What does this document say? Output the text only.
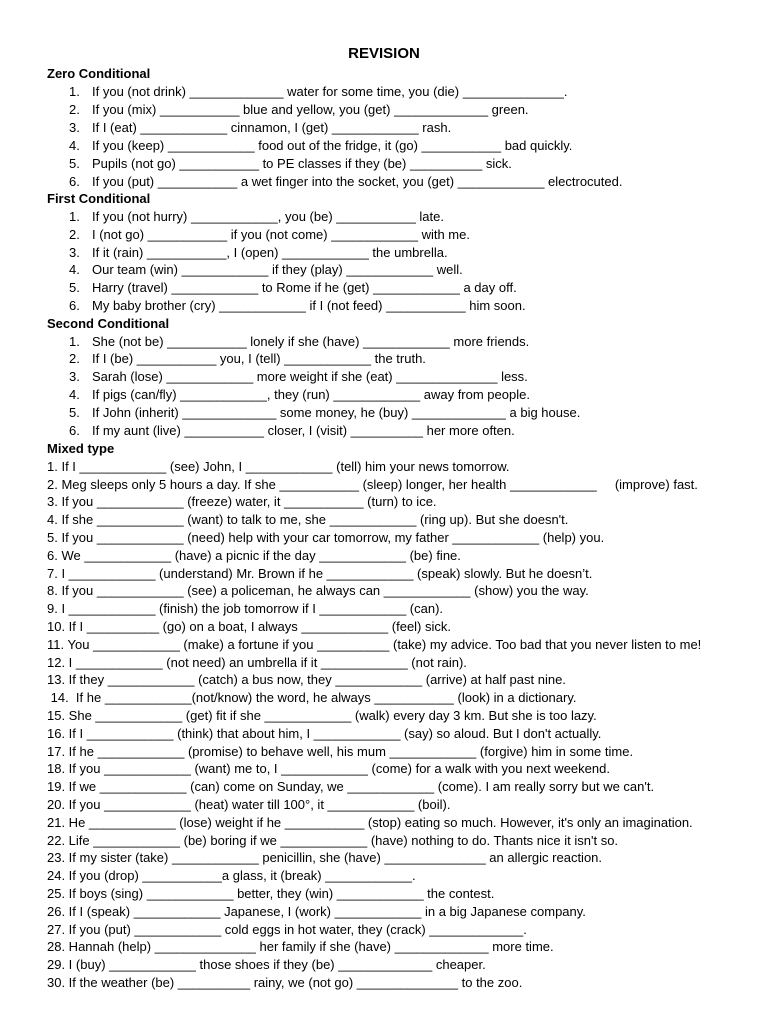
REVISION
Zero Conditional
1. If you (not drink) _____________ water for some time, you (die) ______________.
2. If you (mix) ___________ blue and yellow, you (get) _____________ green.
3. If I (eat) ____________ cinnamon, I (get) ____________ rash.
4. If you (keep) ____________ food out of the fridge, it (go) ___________ bad quickly.
5. Pupils (not go) ___________ to PE classes if they (be) __________ sick.
6. If you (put) ___________ a wet finger into the socket, you (get) ____________ electrocuted.
First Conditional
1. If you (not hurry) ____________, you (be) ___________ late.
2. I (not go) ___________ if you (not come) ____________ with me.
3. If it (rain) ___________, I (open) ____________ the umbrella.
4. Our team (win) ____________ if they (play) ____________ well.
5. Harry (travel) ____________ to Rome if he (get) ____________ a day off.
6. My baby brother (cry) ____________ if I (not feed) ___________ him soon.
Second Conditional
1. She (not be) ___________ lonely if she (have) ____________ more friends.
2. If I (be) ___________ you, I (tell) ____________ the truth.
3. Sarah (lose) ____________ more weight if she (eat) ______________ less.
4. If pigs (can/fly) ____________, they (run) ____________ away from people.
5. If John (inherit) _____________ some money, he (buy) _____________ a big house.
6. If my aunt (live) ___________ closer, I (visit) __________ her more often.
Mixed type
1. If I ____________ (see) John, I ____________ (tell) him your news tomorrow.
2. Meg sleeps only 5 hours a day. If she ___________ (sleep) longer, her health ____________     (improve) fast.
3. If you ____________ (freeze) water, it ___________ (turn) to ice.
4. If she ____________ (want) to talk to me, she ____________ (ring up). But she doesn't.
5. If you ____________ (need) help with your car tomorrow, my father ____________ (help) you.
6. We ____________ (have) a picnic if the day ____________ (be) fine.
7. I ____________ (understand) Mr. Brown if he ____________ (speak) slowly. But he doesn’t.
8. If you ____________ (see) a policeman, he always can ____________ (show) you the way.
9. I ____________ (finish) the job tomorrow if I ____________ (can).
10. If I __________ (go) on a boat, I always ____________ (feel) sick.
11. You ____________ (make) a fortune if you __________ (take) my advice. Too bad that you never listen to me!
12. I ____________ (not need) an umbrella if it ____________ (not rain).
13. If they ____________ (catch) a bus now, they ____________ (arrive) at half past nine.
14.  If he ____________(not/know) the word, he always ___________ (look) in a dictionary.
15. She ____________ (get) fit if she ____________ (walk) every day 3 km. But she is too lazy.
16. If I ____________ (think) that about him, I ____________ (say) so aloud. But I don't actually.
17. If he ____________ (promise) to behave well, his mum ____________ (forgive) him in some time.
18. If you ____________ (want) me to, I ____________ (come) for a walk with you next weekend.
19. If we ____________ (can) come on Sunday, we ____________ (come). I am really sorry but we can't.
20. If you ____________ (heat) water till 100°, it ____________ (boil).
21. He ____________ (lose) weight if he ___________ (stop) eating so much. However, it's only an imagination.
22. Life ____________ (be) boring if we ____________ (have) nothing to do. Thants nice it isn't so.
23. If my sister (take) ____________ penicillin, she (have) ______________ an allergic reaction.
24. If you (drop) ___________a glass, it (break) ____________.
25. If boys (sing) ____________ better, they (win) ____________ the contest.
26. If I (speak) ____________ Japanese, I (work) ____________ in a big Japanese company.
27. If you (put) ____________ cold eggs in hot water, they (crack) _____________.
28. Hannah (help) ______________ her family if she (have) _____________ more time.
29. I (buy) ____________ those shoes if they (be) _____________ cheaper.
30. If the weather (be) __________ rainy, we (not go) ______________ to the zoo.
